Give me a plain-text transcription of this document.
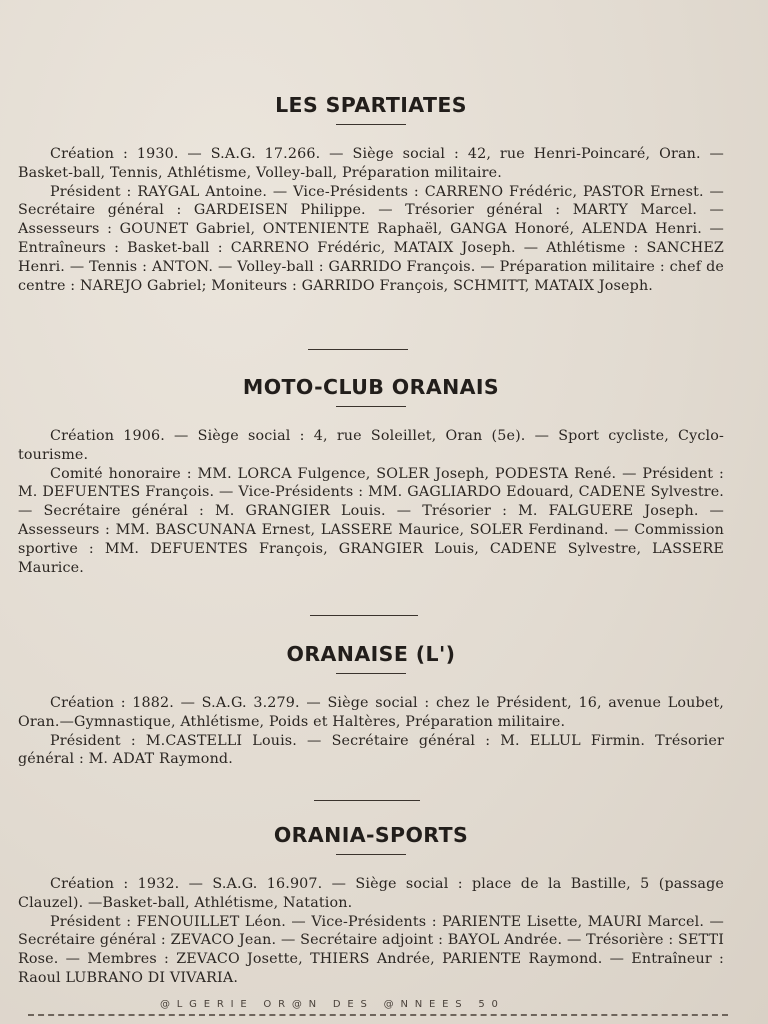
LES SPARTIATES

Création : 1930. — S.A.G. 17.266. — Siège social : 42, rue Henri-Poincaré, Oran. — Basket-ball, Tennis, Athlétisme, Volley-ball, Préparation militaire.

Président : RAYGAL Antoine. — Vice-Présidents : CARRENO Frédéric, PASTOR Ernest. — Secrétaire général : GARDEISEN Philippe. — Trésorier général : MARTY Marcel. — Assesseurs : GOUNET Gabriel, ONTENIENTE Raphaël, GANGA Honoré, ALENDA Henri. — Entraîneurs : Basket-ball : CARRENO Frédéric, MATAIX Joseph. — Athlétisme : SANCHEZ Henri. — Tennis : ANTON. — Volley-ball : GARRIDO François. — Préparation militaire : chef de centre : NAREJO Gabriel; Moniteurs : GARRIDO François, SCHMITT, MATAIX Joseph.

MOTO-CLUB ORANAIS

Création 1906. — Siège social : 4, rue Soleillet, Oran (5e). — Sport cycliste, Cyclo-tourisme.

Comité honoraire : MM. LORCA Fulgence, SOLER Joseph, PODESTA René. — Président : M. DEFUENTES François. — Vice-Présidents : MM. GAGLIARDO Edouard, CADENE Sylvestre. — Secrétaire général : M. GRANGIER Louis. — Trésorier : M. FALGUERE Joseph. — Assesseurs : MM. BASCUNANA Ernest, LASSERE Maurice, SOLER Ferdinand. — Commission sportive : MM. DEFUENTES François, GRANGIER Louis, CADENE Sylvestre, LASSERE Maurice.

ORANAISE (L')

Création : 1882. — S.A.G. 3.279. — Siège social : chez le Président, 16, avenue Loubet, Oran.—Gymnastique, Athlétisme, Poids et Haltères, Préparation militaire.

Président : M.CASTELLI Louis. — Secrétaire général : M. ELLUL Firmin. Trésorier général : M. ADAT Raymond.

ORANIA-SPORTS

Création : 1932. — S.A.G. 16.907. — Siège social : place de la Bastille, 5 (passage Clauzel). —Basket-ball, Athlétisme, Natation.

Président : FENOUILLET Léon. — Vice-Présidents : PARIENTE Lisette, MAURI Marcel. — Secrétaire général : ZEVACO Jean. — Secrétaire adjoint : BAYOL Andrée. — Trésorière : SETTI Rose. — Membres : ZEVACO Josette, THIERS Andrée, PARIENTE Raymond. — Entraîneur : Raoul LUBRANO DI VIVARIA.

@LGERIE OR@N DES @NNEES 50
